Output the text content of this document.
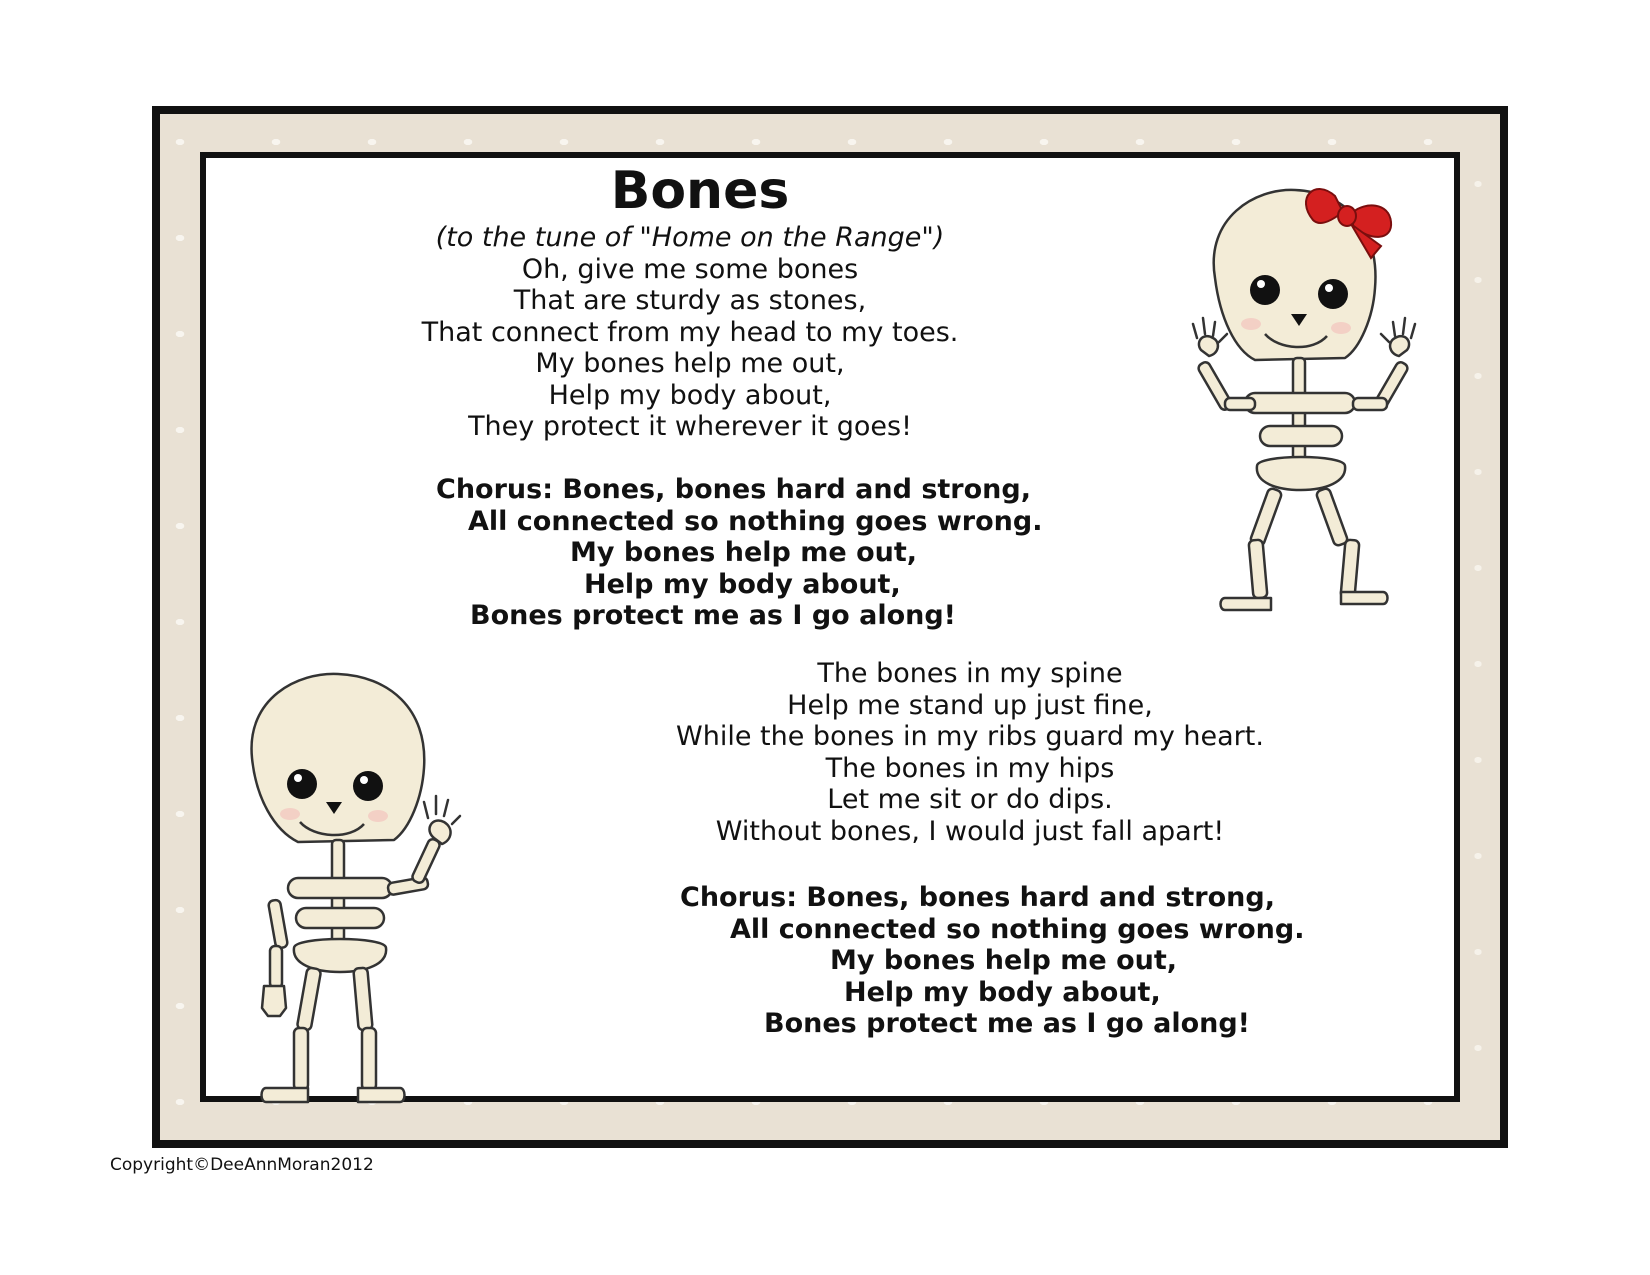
Bones
(to the tune of "Home on the Range")
Oh, give me some bones
That are sturdy as stones,
That connect from my head to my toes.
My bones help me out,
Help my body about,
They protect it wherever it goes!
Chorus: Bones, bones hard and strong,
All connected so nothing goes wrong.
My bones help me out,
Help my body about,
Bones protect me as I go along!
The bones in my spine
Help me stand up just fine,
While the bones in my ribs guard my heart.
The bones in my hips
Let me sit or do dips.
Without bones, I would just fall apart!
Chorus: Bones, bones hard and strong,
All connected so nothing goes wrong.
My bones help me out,
Help my body about,
Bones protect me as I go along!
Copyright©DeeAnnMoran2012
